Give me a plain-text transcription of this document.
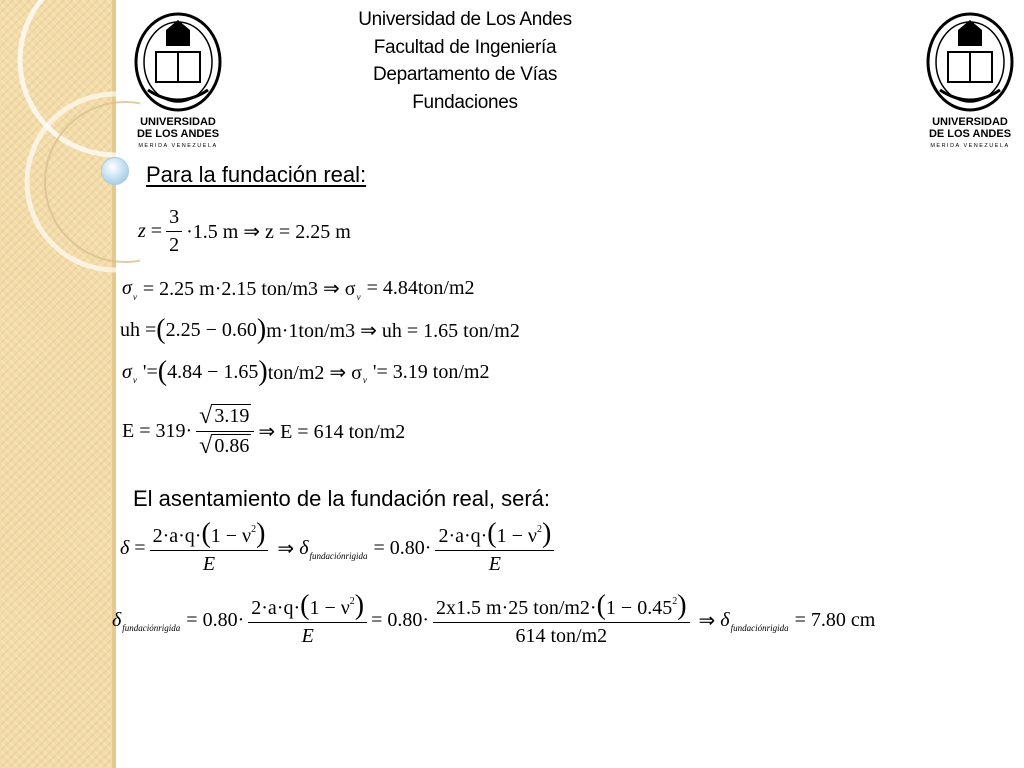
Universidad de Los Andes
Facultad de Ingeniería
Departamento de Vías
Fundaciones
UNIVERSIDAD
DE LOS ANDES
MERIDA VENEZUELA
UNIVERSIDAD
DE LOS ANDES
MERIDA VENEZUELA
Para la fundación real:
$z = \frac{3}{2} \cdot 1.5$ m ⇒ z = 2.25 m
σ v = 2.25 m·2.15 ton/m3 ⇒ σ v = 4.84ton/m2
uh = ( 2.25 − 0.60 ) m·1ton/m3 ⇒ uh = 1.65 ton/m2
σ v '= ( 4.84 − 1.65 ) ton/m2 ⇒ σ v '= 3.19 ton/m2
$E = 319\cdot \frac{√ 3.19}{√ 0.86}$ ⇒ E = 614 ton/m2
El asentamiento de la fundación real, será:
$\delta = \frac{2\cdot a\cdot q\cdot(1 - \nu^2)}{E}$ ⇒ δ fundaciónrigida = $0.80\cdot \frac{2\cdot a\cdot q\cdot(1 - \nu^2)}{E}$
δ fundaciónrigida = $0.80\cdot \frac{2\cdot a\cdot q\cdot(1 - \nu^2)}{E} = 0.80\cdot \frac{2x1.5 m\cdot 25 ton/m2\cdot(1 - 0.45^2)}{\text{614 ton/m2}}$ ⇒ δ fundaciónrigida = 7.80 cm
